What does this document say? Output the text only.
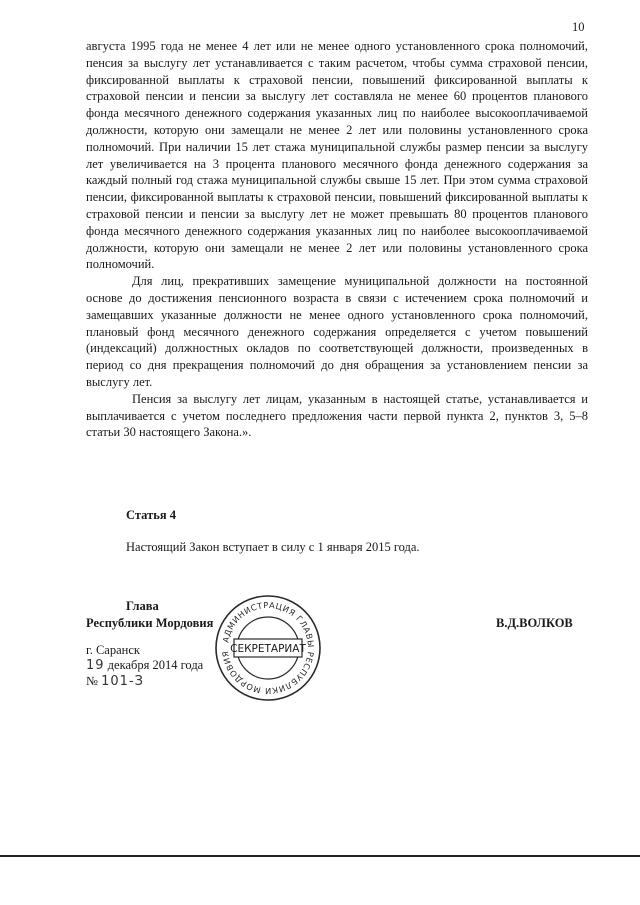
10

августа 1995 года не менее 4 лет или не менее одного установленного срока полномочий, пенсия за выслугу лет устанавливается с таким расчетом, чтобы сумма страховой пенсии, фиксированной выплаты к страховой пенсии, повышений фиксированной выплаты к страховой пенсии и пенсии за выслугу лет составляла не менее 60 процентов планового фонда месячного денежного содержания указанных лиц по наиболее высокооплачиваемой должности, которую они замещали не менее 2 лет или половины установленного срока полномочий. При наличии 15 лет стажа муниципальной службы размер пенсии за выслугу лет увеличивается на 3 процента планового месячного фонда денежного содержания за каждый полный год стажа муниципальной службы свыше 15 лет. При этом сумма страховой пенсии, фиксированной выплаты к страховой пенсии, повышений фиксированной выплаты к страховой пенсии и пенсии за выслугу лет не может превышать 80 процентов планового фонда месячного денежного содержания указанных лиц по наиболее высокооплачиваемой должности, которую они замещали не менее 2 лет или половины установленного срока полномочий.

Для лиц, прекративших замещение муниципальной должности на постоянной основе до достижения пенсионного возраста в связи с истечением срока полномочий и замещавших указанные должности не менее одного установленного срока полномочий, плановый фонд месячного денежного содержания определяется с учетом повышений (индексаций) должностных окладов по соответствующей должности, произведенных в период со дня прекращения полномочий до дня обращения за установлением пенсии за выслугу лет.

Пенсия за выслугу лет лицам, указанным в настоящей статье, устанавливается и выплачивается с учетом последнего предложения части первой пункта 2, пунктов 3, 5–8 статьи 30 настоящего Закона.».

Статья 4
Настоящий Закон вступает в силу с 1 января 2015 года.
Глава
Республики Мордовия	В.Д.ВОЛКОВ
г. Саранск
19 декабря 2014 года
№ 101-З
АДМИНИСТРАЦИЯ ГЛАВЫ РЕСПУБЛИКИ МОРДОВИЯ СЕКРЕТАРИАТ
